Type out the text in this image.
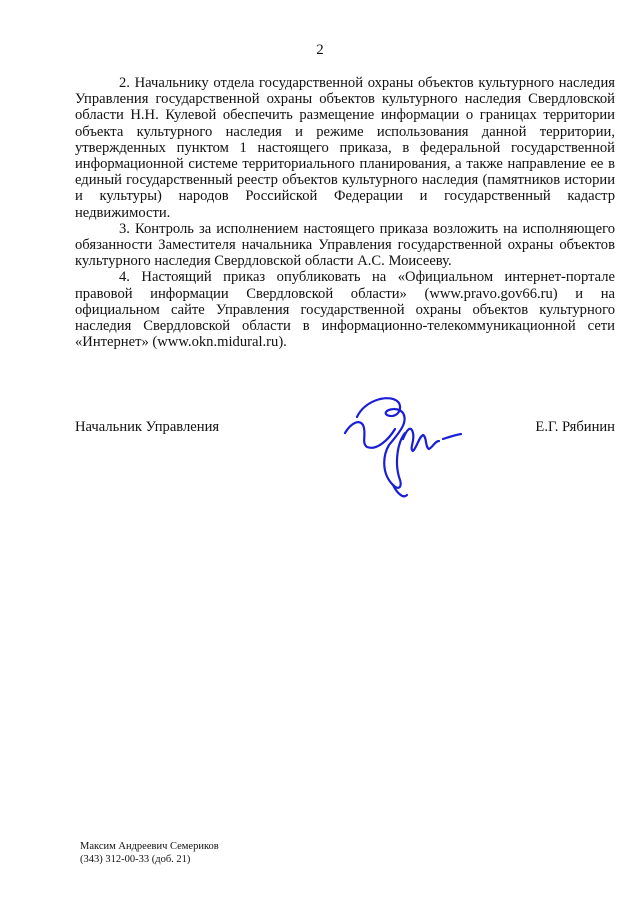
2

2. Начальнику отдела государственной охраны объектов культурного наследия Управления государственной охраны объектов культурного наследия Свердловской области Н.Н. Кулевой обеспечить размещение информации о границах территории объекта культурного наследия и режиме использования данной территории, утвержденных пунктом 1 настоящего приказа, в федеральной государственной информационной системе территориального планирования, а также направление ее в единый государственный реестр объектов культурного наследия (памятников истории и культуры) народов Российской Федерации и государственный кадастр недвижимости.

3. Контроль за исполнением настоящего приказа возложить на исполняющего обязанности Заместителя начальника Управления государственной охраны объектов культурного наследия Свердловской области А.С. Моисееву.

4. Настоящий приказ опубликовать на «Официальном интернет-портале правовой информации Свердловской области» (www.pravo.gov66.ru) и на официальном сайте Управления государственной охраны объектов культурного наследия Свердловской области в информационно-телекоммуникационной сети «Интернет» (www.okn.midural.ru).

Начальник Управления	Е.Г. Рябинин
Максим Андреевич Семериков
(343) 312-00-33 (доб. 21)
